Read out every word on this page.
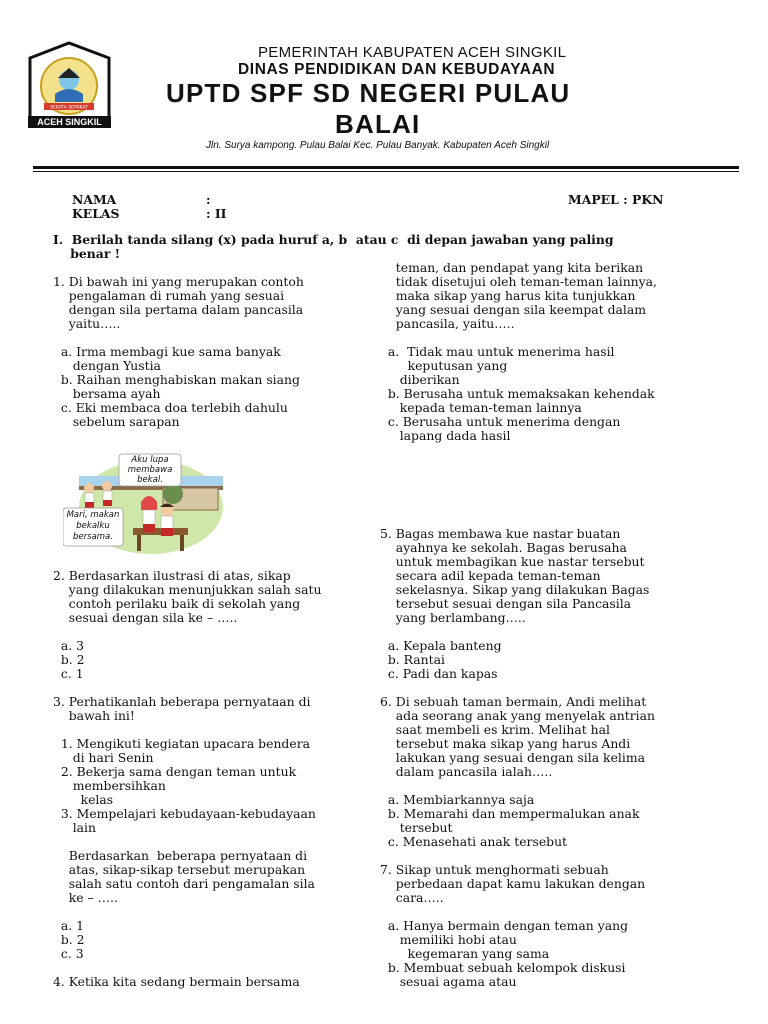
SEKATA SEPAKAT
ACEH SINGKIL
PEMERINTAH KABUPATEN ACEH SINGKIL
DINAS PENDIDIKAN DAN KEBUDAYAAN
UPTD SPF SD NEGERI PULAU
BALAI
Jln. Surya kampong. Pulau Balai Kec. Pulau Banyak. Kabupaten Aceh Singkil
NAMA	:
KELAS	: II
MAPEL : PKN
I.  Berilah tanda silang (x) pada huruf a, b  atau c  di depan jawaban yang paling
benar !
1. Di bawah ini yang merupakan contoh
pengalaman di rumah yang sesuai
dengan sila pertama dalam pancasila
yaitu…..
a. Irma membagi kue sama banyak
dengan Yustia
b. Raihan menghabiskan makan siang
bersama ayah
c. Eki membaca doa terlebih dahulu
sebelum sarapan
Aku lupa
membawa
bekal.
Mari, makan
bekalku
bersama.
2. Berdasarkan ilustrasi di atas, sikap
yang dilakukan menunjukkan salah satu
contoh perilaku baik di sekolah yang
sesuai dengan sila ke – …..
a. 3
b. 2
c. 1
3. Perhatikanlah beberapa pernyataan di
bawah ini!
1. Mengikuti kegiatan upacara bendera
di hari Senin
2. Bekerja sama dengan teman untuk
membersihkan
kelas
3. Mempelajari kebudayaan-kebudayaan
lain
Berdasarkan  beberapa pernyataan di
atas, sikap-sikap tersebut merupakan
salah satu contoh dari pengamalan sila
ke – …..
a. 1
b. 2
c. 3
4. Ketika kita sedang bermain bersama
teman, dan pendapat yang kita berikan
tidak disetujui oleh teman-teman lainnya,
maka sikap yang harus kita tunjukkan
yang sesuai dengan sila keempat dalam
pancasila, yaitu…..
a.  Tidak mau untuk menerima hasil
keputusan yang
diberikan
b. Berusaha untuk memaksakan kehendak
kepada teman-teman lainnya
c. Berusaha untuk menerima dengan
lapang dada hasil
5. Bagas membawa kue nastar buatan
ayahnya ke sekolah. Bagas berusaha
untuk membagikan kue nastar tersebut
secara adil kepada teman-teman
sekelasnya. Sikap yang dilakukan Bagas
tersebut sesuai dengan sila Pancasila
yang berlambang…..
a. Kepala banteng
b. Rantai
c. Padi dan kapas
6. Di sebuah taman bermain, Andi melihat
ada seorang anak yang menyelak antrian
saat membeli es krim. Melihat hal
tersebut maka sikap yang harus Andi
lakukan yang sesuai dengan sila kelima
dalam pancasila ialah…..
a. Membiarkannya saja
b. Memarahi dan mempermalukan anak
tersebut
c. Menasehati anak tersebut
7. Sikap untuk menghormati sebuah
perbedaan dapat kamu lakukan dengan
cara…..
a. Hanya bermain dengan teman yang
memiliki hobi atau
kegemaran yang sama
b. Membuat sebuah kelompok diskusi
sesuai agama atau
